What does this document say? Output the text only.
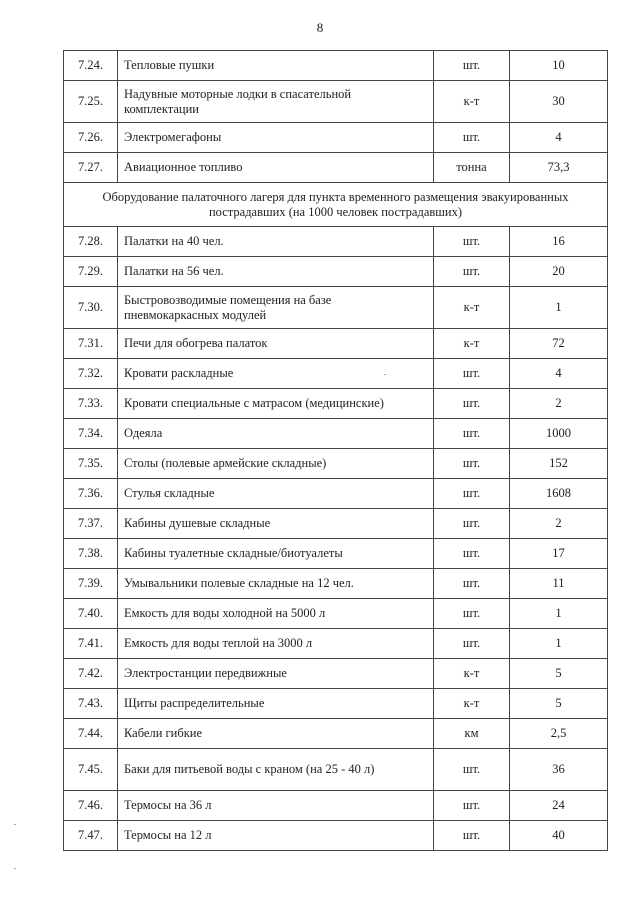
8
7.24.	Тепловые пушки	шт.	10
7.25.	Надувные моторные лодки в спасательной комплектации	к-т	30
7.26.	Электромегафоны	шт.	4
7.27.	Авиационное топливо	тонна	73,3
Оборудование палаточного лагеря для пункта временного размещения эвакуированных пострадавших (на 1000 человек пострадавших)			
7.28.	Палатки на 40 чел.	шт.	16
7.29.	Палатки на 56 чел.	шт.	20
7.30.	Быстровозводимые помещения на базе пневмокаркасных модулей	к-т	1
7.31.	Печи для обогрева палаток	к-т	72
7.32.	Кровати раскладные	шт.	4
7.33.	Кровати специальные с матрасом (медицинские)	шт.	2
7.34.	Одеяла	шт.	1000
7.35.	Столы (полевые армейские складные)	шт.	152
7.36.	Стулья складные	шт.	1608
7.37.	Кабины душевые складные	шт.	2
7.38.	Кабины туалетные складные/биотуалеты	шт.	17
7.39.	Умывальники полевые складные на 12 чел.	шт.	11
7.40.	Емкость для воды холодной на 5000 л	шт.	1
7.41.	Емкость для воды теплой на 3000 л	шт.	1
7.42.	Электростанции передвижные	к-т	5
7.43.	Щиты распределительные	к-т	5
7.44.	Кабели гибкие	км	2,5
7.45.	Баки для питьевой воды с краном (на 25 - 40 л)	шт.	36
7.46.	Термосы на 36 л	шт.	24
7.47.	Термосы на 12 л	шт.	40
